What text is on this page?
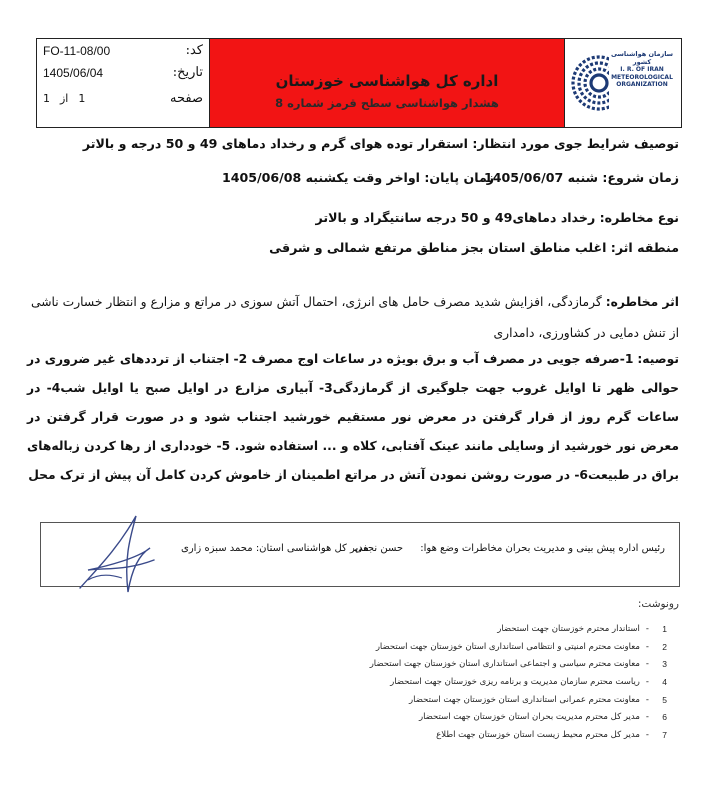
FO-11-08/00	کد:
1405/06/04	تاریخ:
1 از 1	صفحه
اداره کل هواشناسی خوزستان
هشدار هواشناسی سطح قرمز شماره 8
سازمان هواشناسی کشور
I. R. OF IRAN
METEOROLOGICAL
ORGANIZATION
توصیف شرایط جوی مورد انتظار: استقرار توده هوای گرم و رخداد دماهای 49 و 50 درجه و بالاتر
زمان شروع: شنبه 1405/06/07
زمان پایان: اواخر وقت یکشنبه 1405/06/08
نوع مخاطره: رخداد دماهای49 و 50 درجه سانتیگراد و بالاتر
منطقه اثر: اغلب مناطق استان بجز مناطق مرتفع شمالی و شرقی
اثر مخاطره: گرمازدگی، افزایش شدید مصرف حامل های انرژی، احتمال آتش سوزی در مراتع و مزارع و انتظار خسارت ناشی از تنش دمایی در کشاورزی، دامداری
توصیه: 1-صرفه جویی در مصرف آب و برق بویژه در ساعات اوج مصرف 2- اجتناب از ترددهای غیر ضروری در حوالی ظهر تا اوایل غروب جهت جلوگیری از گرمازدگی3- آبیاری مزارع در اوایل صبح یا اوایل شب4- در ساعات گرم روز از قرار گرفتن در معرض نور مستقیم خورشید اجتناب شود و در صورت قرار گرفتن در معرض نور خورشید از وسایلی مانند عینک آفتابی، کلاه و ... استفاده شود. 5- خودداری از رها کردن زباله‌های براق در طبیعت6- در صورت روشن نمودن آتش در مراتع اطمینان از خاموش کردن کامل آن پیش از ترک محل
رئیس اداره پیش بینی و مدیریت بحران مخاطرات وضع هوا: حسن نجفی
مدیر کل هواشناسی استان: محمد سبزه زاری
رونوشت:
1
-
استاندار محترم خوزستان جهت استحضار
2
-
معاونت محترم امنیتی و انتظامی استانداری استان خوزستان جهت استحضار
3
-
معاونت محترم سیاسی و اجتماعی استانداری استان خوزستان جهت استحضار
4
-
ریاست محترم سازمان مدیریت و برنامه ریزی خوزستان جهت استحضار
5
-
معاونت محترم عمرانی استانداری استان خوزستان جهت استحضار
6
-
مدیر کل محترم مدیریت بحران استان خوزستان جهت استحضار
7
-
مدیر کل محترم محیط زیست استان خوزستان جهت اطلاع
